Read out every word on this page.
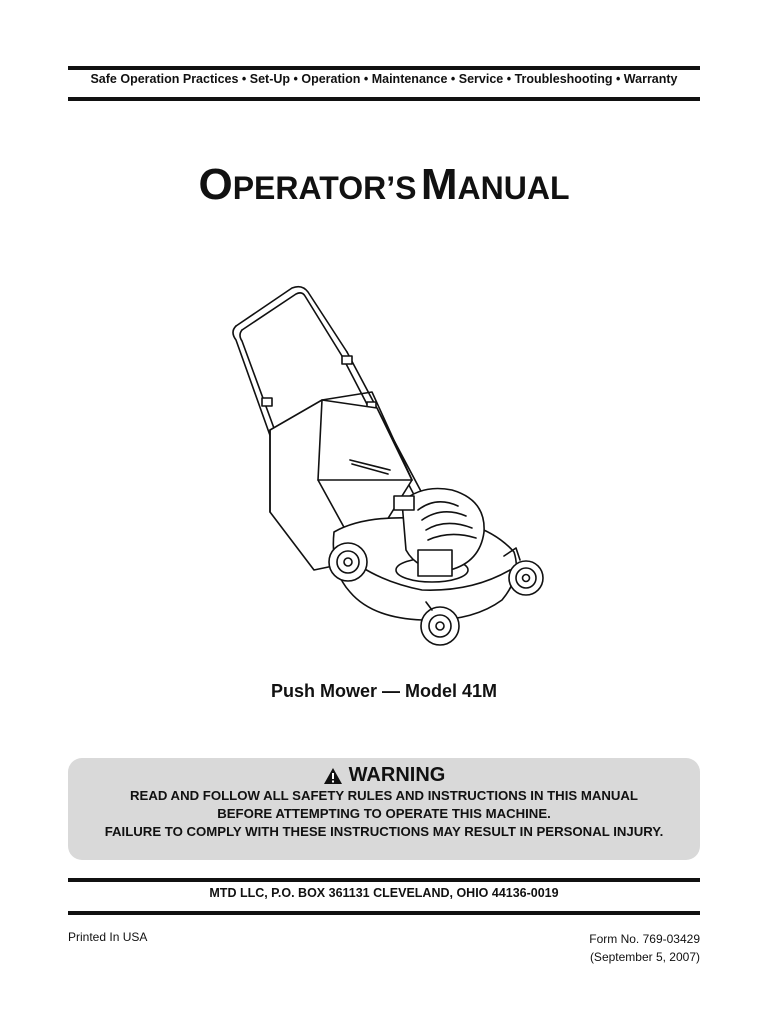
Safe Operation Practices • Set-Up • Operation • Maintenance • Service • Troubleshooting • Warranty
OPERATOR’S MANUAL
Push Mower — Model 41M
WARNING
READ AND FOLLOW ALL SAFETY RULES AND INSTRUCTIONS IN THIS MANUAL
BEFORE ATTEMPTING TO OPERATE THIS MACHINE.
FAILURE TO COMPLY WITH THESE INSTRUCTIONS MAY RESULT IN PERSONAL INJURY.
MTD LLC, P.O. BOX 361131 CLEVELAND, OHIO 44136-0019
Printed In USA	Form No. 769-03429
(September 5, 2007)
